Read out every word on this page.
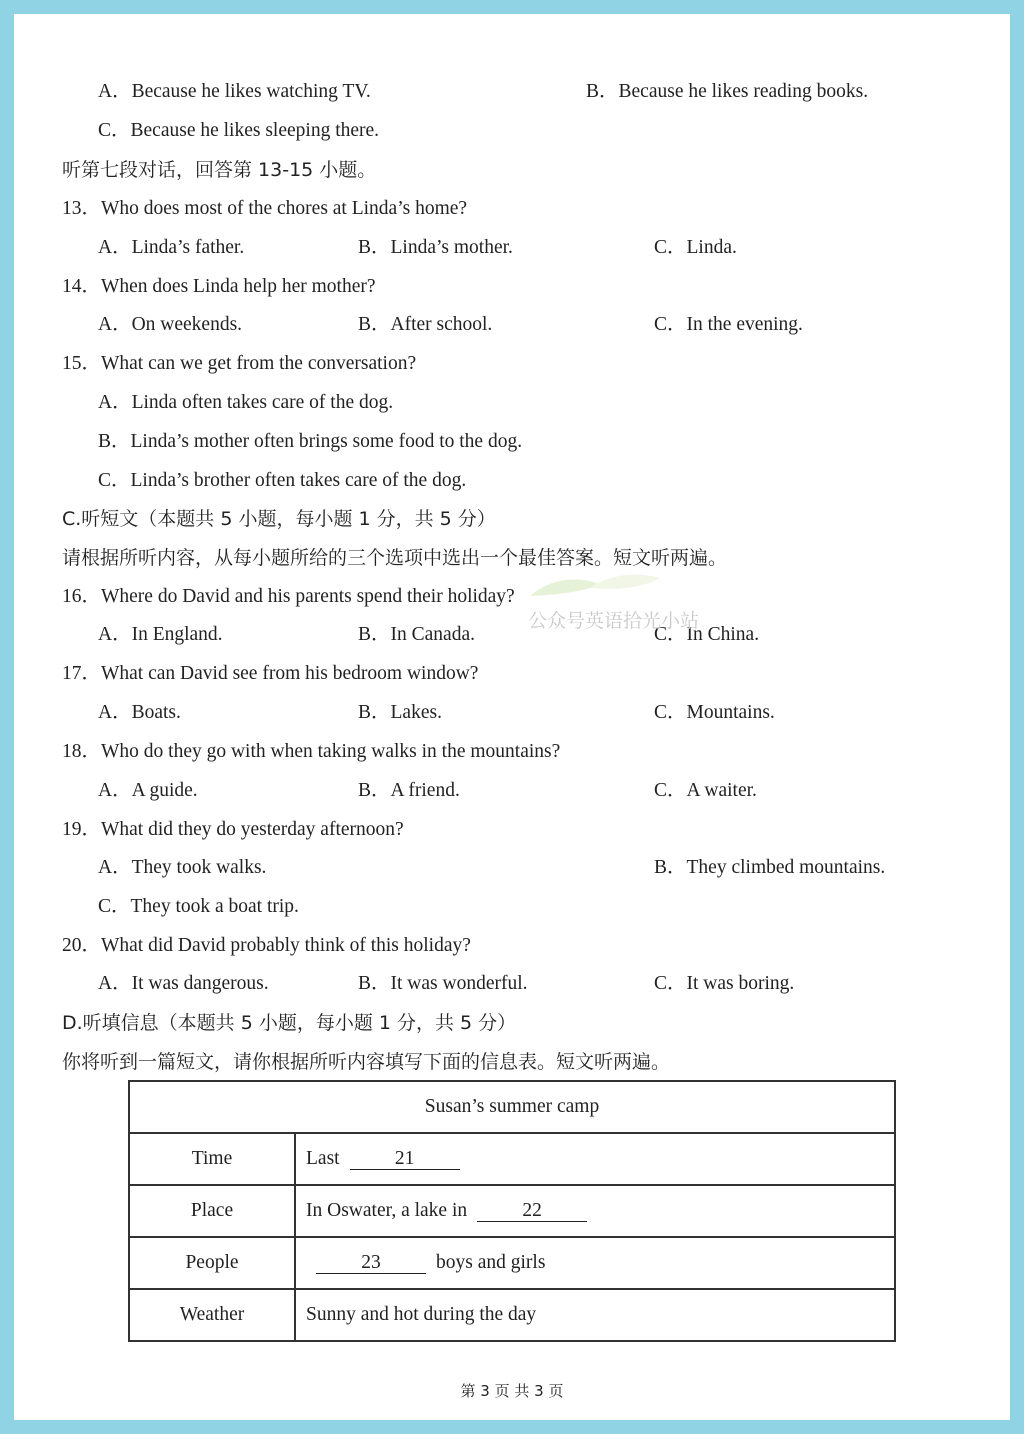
A．Because he likes watching TV.	B．Because he likes reading books.
C．Because he likes sleeping there.
听第七段对话，回答第 13-15 小题。
13．Who does most of the chores at Linda’s home?
A．Linda’s father.	B．Linda’s mother.	C．Linda.
14．When does Linda help her mother?
A．On weekends.	B．After school.	C．In the evening.
15．What can we get from the conversation?
A．Linda often takes care of the dog.
B．Linda’s mother often brings some food to the dog.
C．Linda’s brother often takes care of the dog.
C.听短文（本题共 5 小题，每小题 1 分，共 5 分）
请根据所听内容，从每小题所给的三个选项中选出一个最佳答案。短文听两遍。
16．Where do David and his parents spend their holiday?
A．In England.	B．In Canada.	C．In China.
17．What can David see from his bedroom window?
A．Boats.	B．Lakes.	C．Mountains.
18．Who do they go with when taking walks in the mountains?
A．A guide.	B．A friend.	C．A waiter.
19．What did they do yesterday afternoon?
A．They took walks.	B．They climbed mountains.
C．They took a boat trip.
20．What did David probably think of this holiday?
A．It was dangerous.	B．It was wonderful.	C．It was boring.
D.听填信息（本题共 5 小题，每小题 1 分，共 5 分）
你将听到一篇短文，请你根据所听内容填写下面的信息表。短文听两遍。
公众号英语拾光小站
Susan’s summer camp	
Time	Last 21
Place	In Oswater, a lake in 22
People	23 boys and girls
Weather	Sunny and hot during the day
第 3 页 共 3 页
